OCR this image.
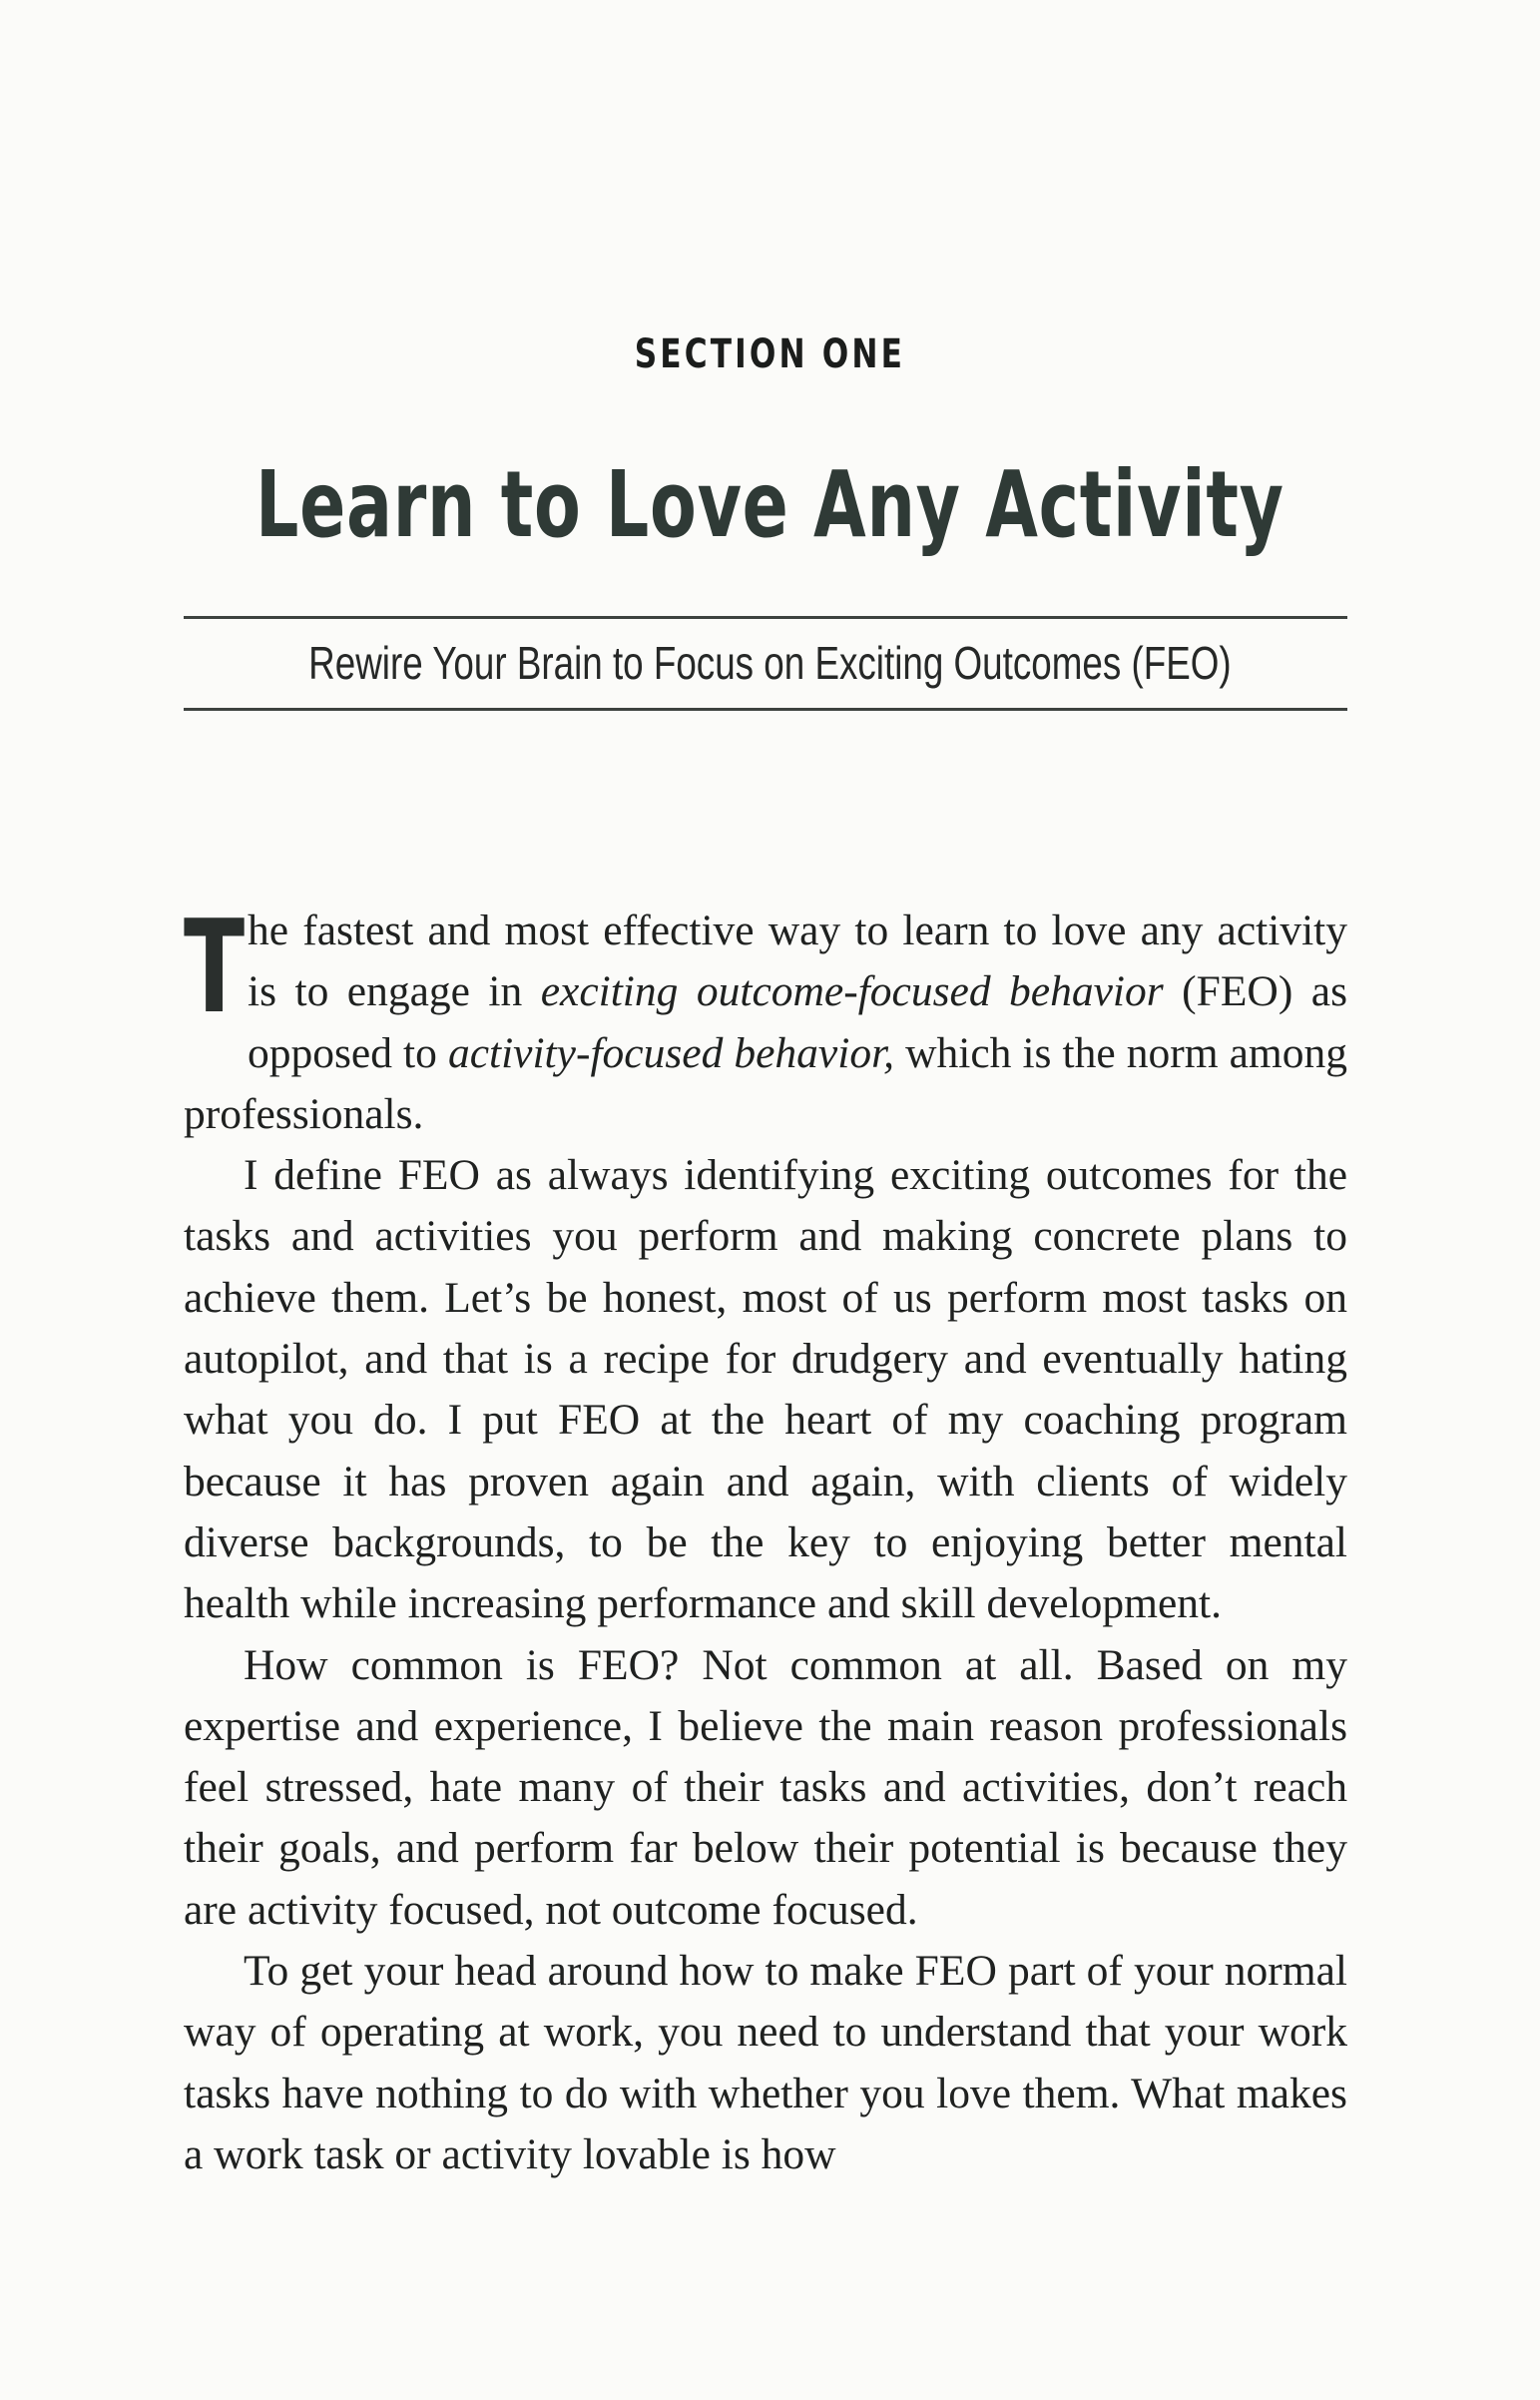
SECTION ONE
Learn to Love Any Activity
Rewire Your Brain to Focus on Exciting Outcomes (FEO)

The fastest and most effective way to learn to love any activity is to engage in exciting outcome-focused behavior (FEO) as opposed to activity-focused behavior, which is the norm among professionals.

I define FEO as always identifying exciting outcomes for the tasks and activities you perform and making concrete plans to achieve them. Let’s be honest, most of us perform most tasks on autopilot, and that is a recipe for drudgery and eventually hating what you do. I put FEO at the heart of my coaching program because it has proven again and again, with clients of widely diverse backgrounds, to be the key to enjoying better mental health while increasing performance and skill development.

How common is FEO? Not common at all. Based on my expertise and experience, I believe the main reason professionals feel stressed, hate many of their tasks and activities, don’t reach their goals, and perform far below their potential is because they are activity focused, not outcome focused.

To get your head around how to make FEO part of your normal way of operating at work, you need to understand that your work tasks have nothing to do with whether you love them. What makes a work task or activity lovable is how
